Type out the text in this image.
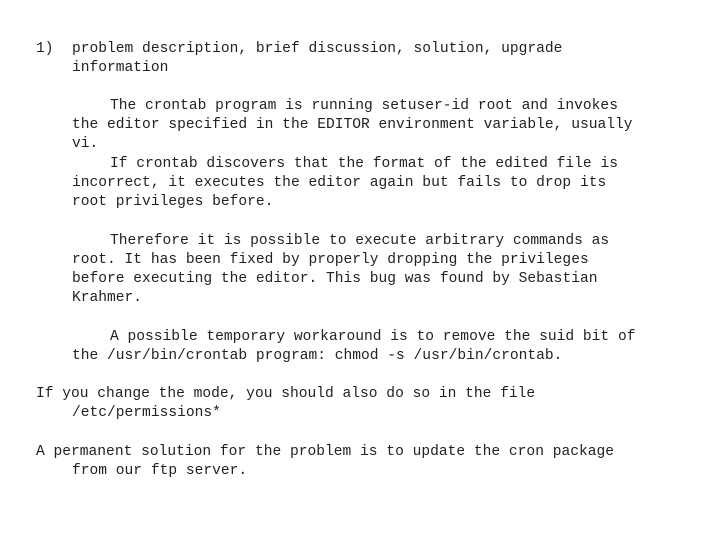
1) problem description, brief discussion, solution, upgrade
information
The crontab program is running setuser-id root and invokes
the editor specified in the EDITOR environment variable, usually
vi.
If crontab discovers that the format of the edited file is
incorrect, it executes the editor again but fails to drop its
root privileges before.
Therefore it is possible to execute arbitrary commands as
root. It has been fixed by properly dropping the privileges
before executing the editor. This bug was found by Sebastian
Krahmer.
A possible temporary workaround is to remove the suid bit of
the /usr/bin/crontab program: chmod -s /usr/bin/crontab.
If you change the mode, you should also do so in the file
/etc/permissions*
A permanent solution for the problem is to update the cron package
from our ftp server.
